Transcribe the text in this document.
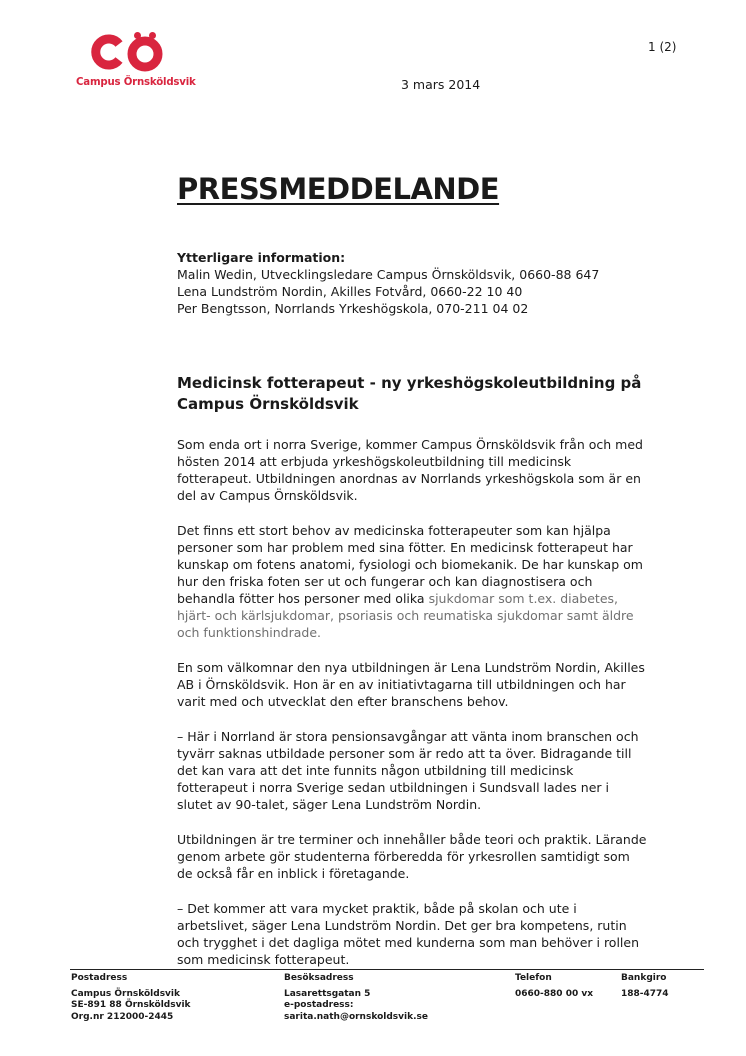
Campus Örnsköldsvik
1 (2)
3 mars 2014
PRESSMEDDELANDE
Ytterligare information:
Malin Wedin, Utvecklingsledare Campus Örnsköldsvik, 0660-88 647
Lena Lundström Nordin, Akilles Fotvård, 0660-22 10 40
Per Bengtsson, Norrlands Yrkeshögskola, 070-211 04 02
Medicinsk fotterapeut - ny yrkeshögskoleutbildning på Campus Örnsköldsvik

Som enda ort i norra Sverige, kommer Campus Örnsköldsvik från och med hösten 2014 att erbjuda yrkeshögskoleutbildning till medicinsk fotterapeut. Utbildningen anordnas av Norrlands yrkeshögskola som är en del av Campus Örnsköldsvik.

Det finns ett stort behov av medicinska fotterapeuter som kan hjälpa personer som har problem med sina fötter. En medicinsk fotterapeut har kunskap om fotens anatomi, fysiologi och biomekanik. De har kunskap om hur den friska foten ser ut och fungerar och kan diagnostisera och behandla fötter hos personer med olika sjukdomar som t.ex. diabetes, hjärt- och kärlsjukdomar, psoriasis och reumatiska sjukdomar samt äldre och funktionshindrade.

En som välkomnar den nya utbildningen är Lena Lundström Nordin, Akilles AB i Örnsköldsvik. Hon är en av initiativtagarna till utbildningen och har varit med och utvecklat den efter branschens behov.

– Här i Norrland är stora pensionsavgångar att vänta inom branschen och tyvärr saknas utbildade personer som är redo att ta över. Bidragande till det kan vara att det inte funnits någon utbildning till medicinsk fotterapeut i norra Sverige sedan utbildningen i Sundsvall lades ner i slutet av 90-talet, säger Lena Lundström Nordin.

Utbildningen är tre terminer och innehåller både teori och praktik. Lärande genom arbete gör studenterna förberedda för yrkesrollen samtidigt som de också får en inblick i företagande.

– Det kommer att vara mycket praktik, både på skolan och ute i arbetslivet, säger Lena Lundström Nordin. Det ger bra kompetens, rutin och trygghet i det dagliga mötet med kunderna som man behöver i rollen som medicinsk fotterapeut.

Postadress
Campus Örnsköldsvik
SE-891 88 Örnsköldsvik
Org.nr 212000-2445
Besöksadress
Lasarettsgatan 5
e-postadress:
sarita.nath@ornskoldsvik.se
Telefon
0660-880 00 vx
Bankgiro
188-4774
